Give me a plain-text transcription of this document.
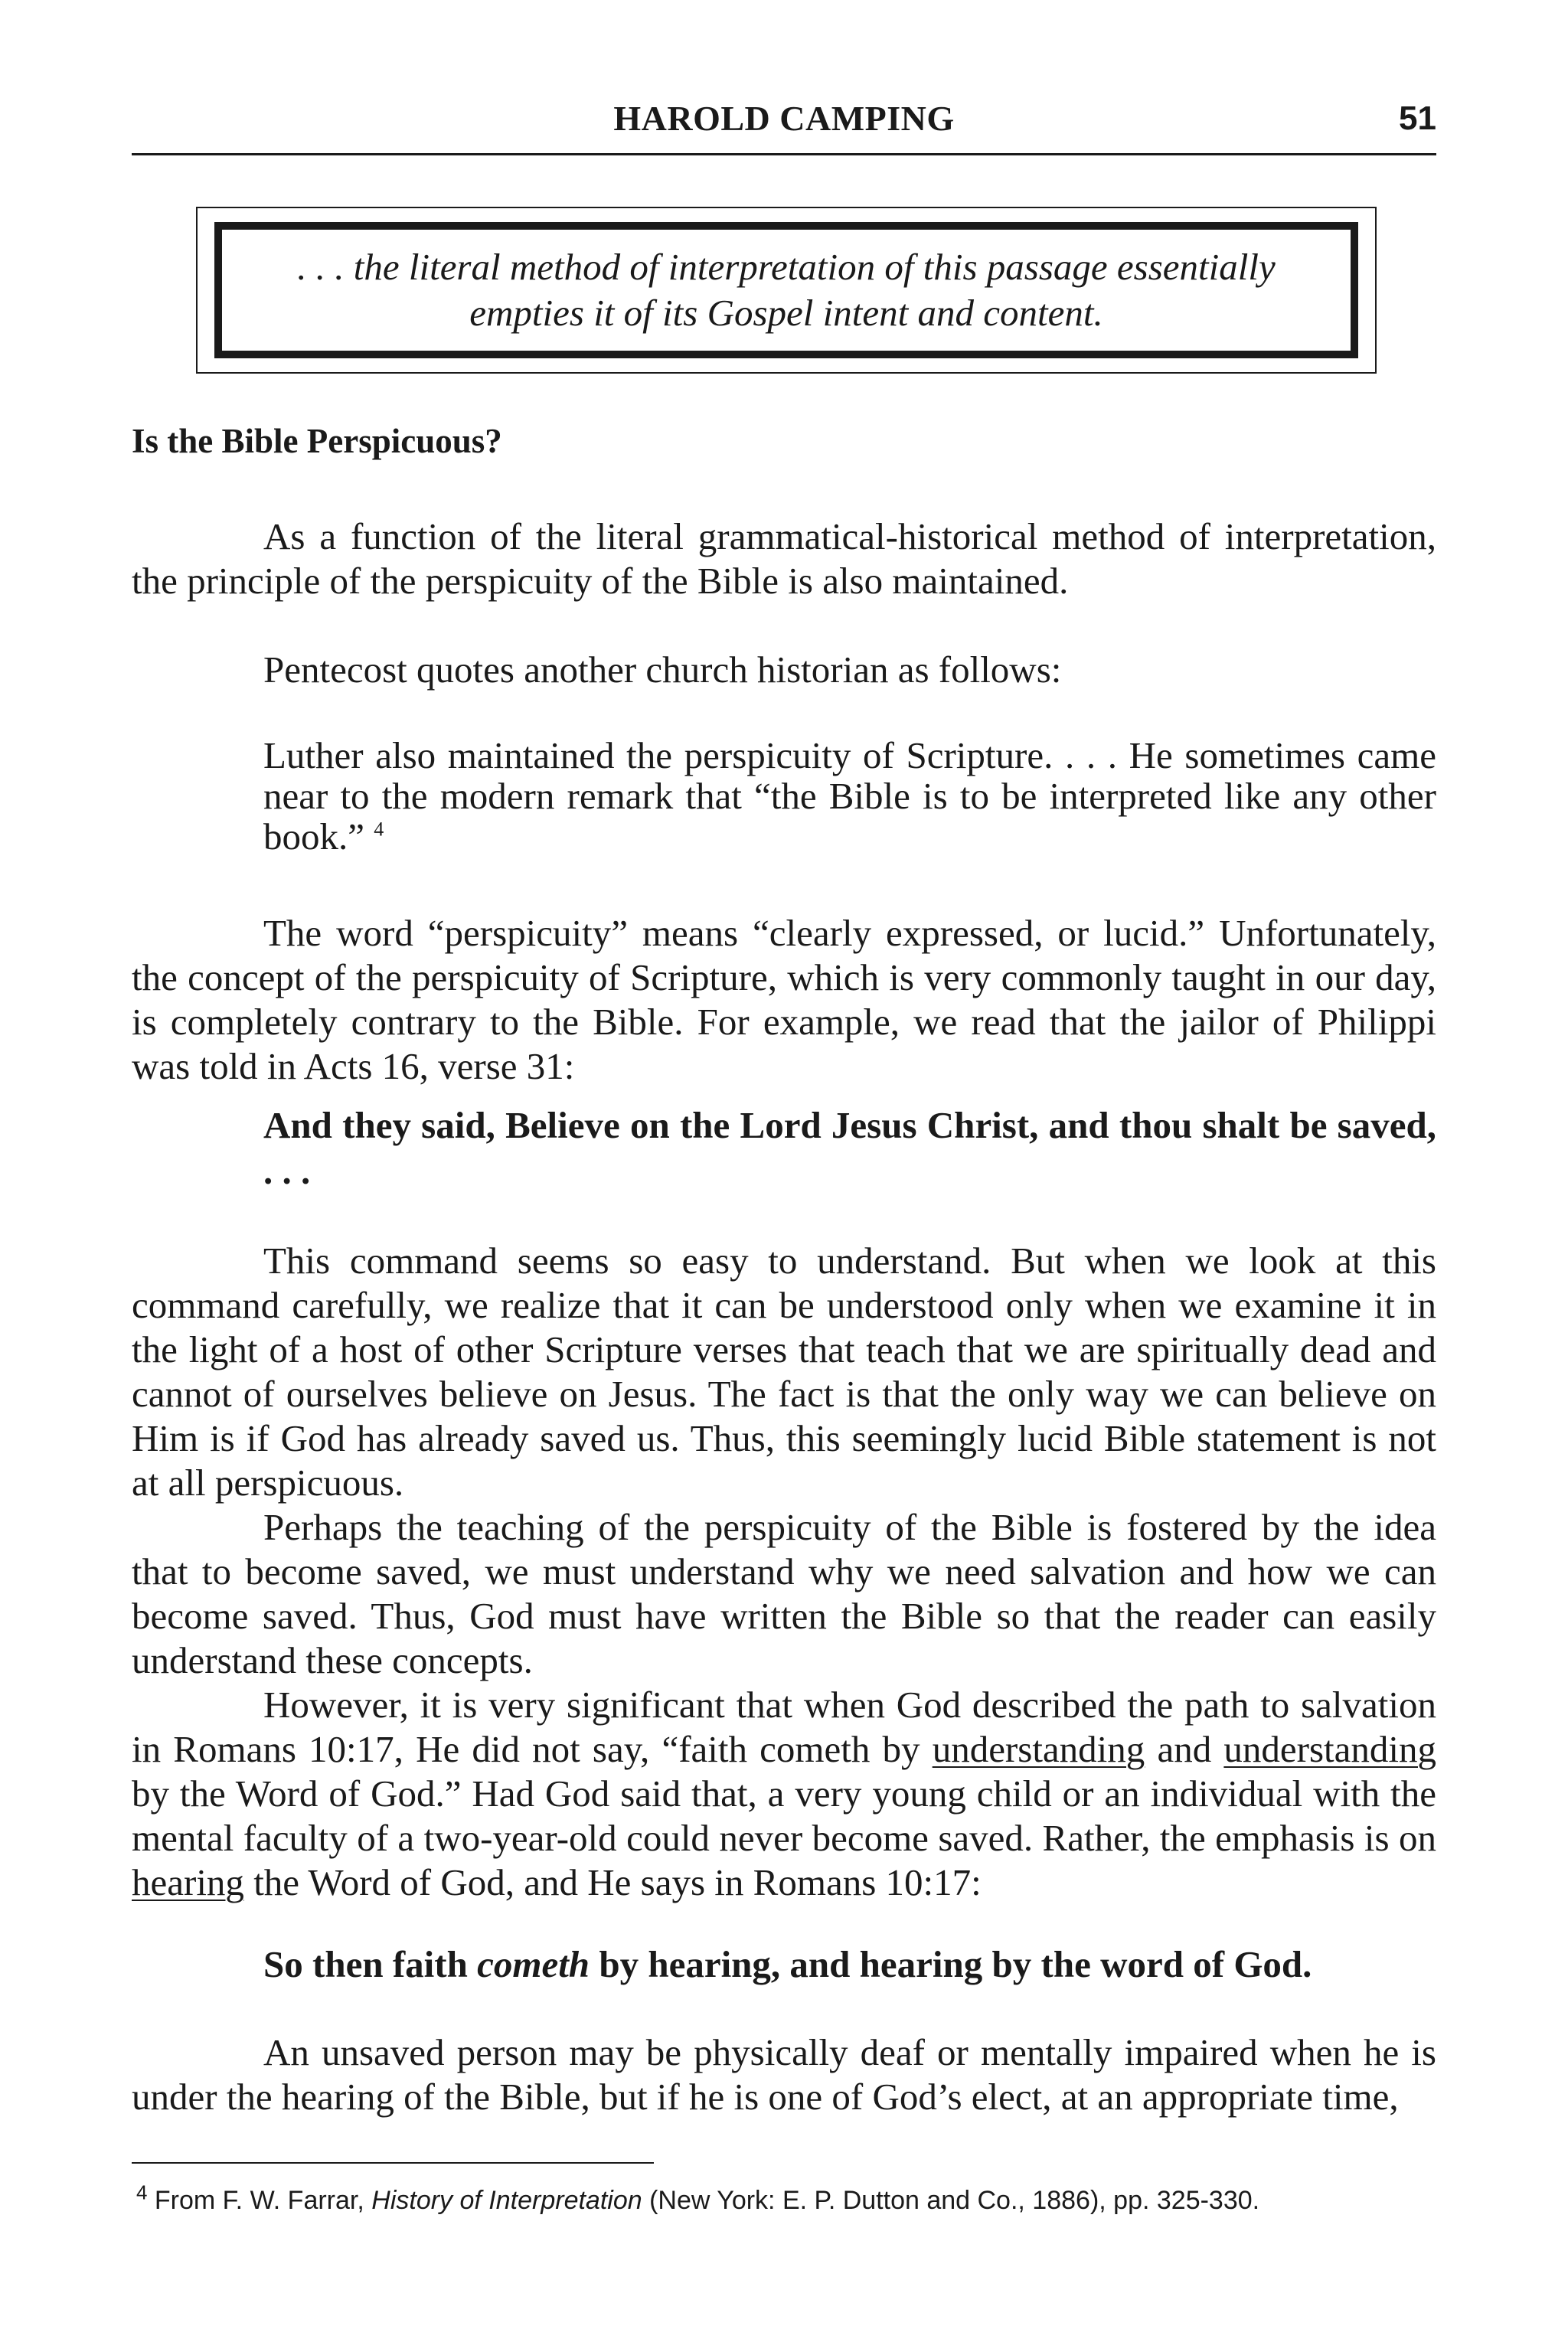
HAROLD CAMPING	51
. . . the literal method of interpretation of this passage essentially empties it of its Gospel intent and content.
Is the Bible Perspicuous?

As a function of the literal grammatical-historical method of interpretation, the principle of the perspicuity of the Bible is also maintained.

Pentecost quotes another church historian as follows:

Luther also maintained the perspicuity of Scripture. . . . He sometimes came near to the modern remark that “the Bible is to be interpreted like any other book.” $^4$

The word “perspicuity” means “clearly expressed, or lucid.” Unfortunately, the concept of the perspicuity of Scripture, which is very commonly taught in our day, is completely contrary to the Bible. For example, we read that the jailor of Philippi was told in Acts 16, verse 31:

And they said, Believe on the Lord Jesus Christ, and thou shalt be saved, . . .

This command seems so easy to understand. But when we look at this command carefully, we realize that it can be understood only when we examine it in the light of a host of other Scripture verses that teach that we are spiritually dead and cannot of ourselves believe on Jesus. The fact is that the only way we can believe on Him is if God has already saved us. Thus, this seemingly lucid Bible statement is not at all perspicuous.

Perhaps the teaching of the perspicuity of the Bible is fostered by the idea that to become saved, we must understand why we need salvation and how we can become saved. Thus, God must have written the Bible so that the reader can easily understand these concepts.

However, it is very significant that when God described the path to salvation in Romans 10:17, He did not say, “faith cometh by understanding and understanding by the Word of God.” Had God said that, a very young child or an individual with the mental faculty of a two-year-old could never become saved. Rather, the emphasis is on hearing the Word of God, and He says in Romans 10:17:

So then faith cometh by hearing, and hearing by the word of God.

An unsaved person may be physically deaf or mentally impaired when he is under the hearing of the Bible, but if he is one of God’s elect, at an appropriate time,

$^4$ From F. W. Farrar, History of Interpretation (New York: E. P. Dutton and Co., 1886), pp. 325-330.
